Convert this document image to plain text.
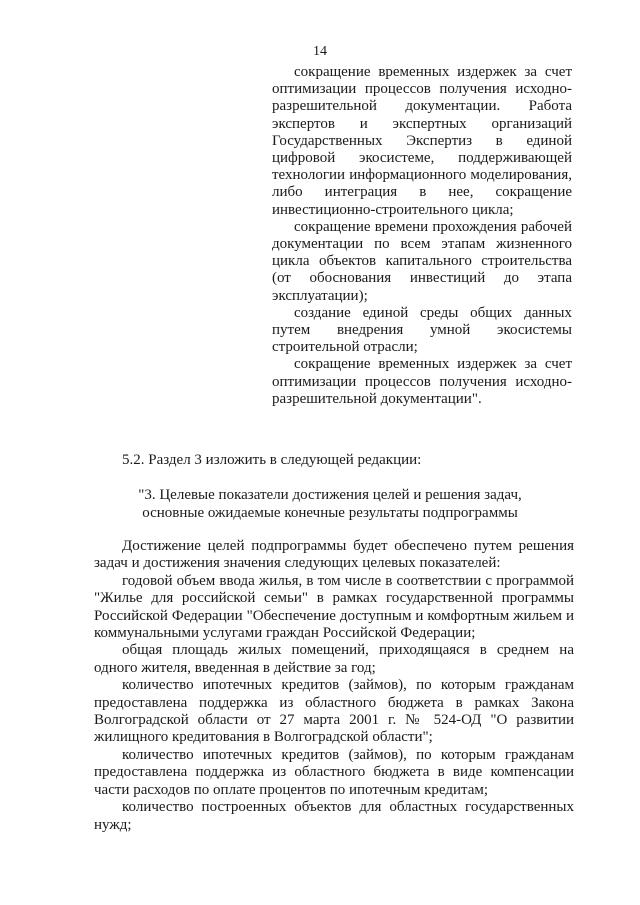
14

сокращение временных издержек за счет оптимизации процессов получения исходно-разрешительной документации. Работа экспертов и экспертных организаций Государственных Экспертиз в единой цифровой экосистеме, поддерживающей технологии информационного моделирования, либо интеграция в нее, сокращение инвестиционно-строительного цикла;

сокращение времени прохождения рабочей документации по всем этапам жизненного цикла объектов капитального строительства (от обоснования инвестиций до этапа эксплуатации);

создание единой среды общих данных путем внедрения умной экосистемы строительной отрасли;

сокращение временных издержек за счет оптимизации процессов получения исходно-разрешительной документации".

5.2. Раздел 3 изложить в следующей редакции:
"3. Целевые показатели достижения целей и решения задач,
основные ожидаемые конечные результаты подпрограммы

Достижение целей подпрограммы будет обеспечено путем решения задач и достижения значения следующих целевых показателей:

годовой объем ввода жилья, в том числе в соответствии с программой "Жилье для российской семьи" в рамках государственной программы Российской Федерации "Обеспечение доступным и комфортным жильем и коммунальными услугами граждан Российской Федерации;

общая площадь жилых помещений, приходящаяся в среднем на одного жителя, введенная в действие за год;

количество ипотечных кредитов (займов), по которым гражданам предоставлена поддержка из областного бюджета в рамках Закона Волгоградской области от 27 марта 2001 г. № 524-ОД "О развитии жилищного кредитования в Волгоградской области";

количество ипотечных кредитов (займов), по которым гражданам предоставлена поддержка из областного бюджета в виде компенсации части расходов по оплате процентов по ипотечным кредитам;

количество построенных объектов для областных государственных нужд;
